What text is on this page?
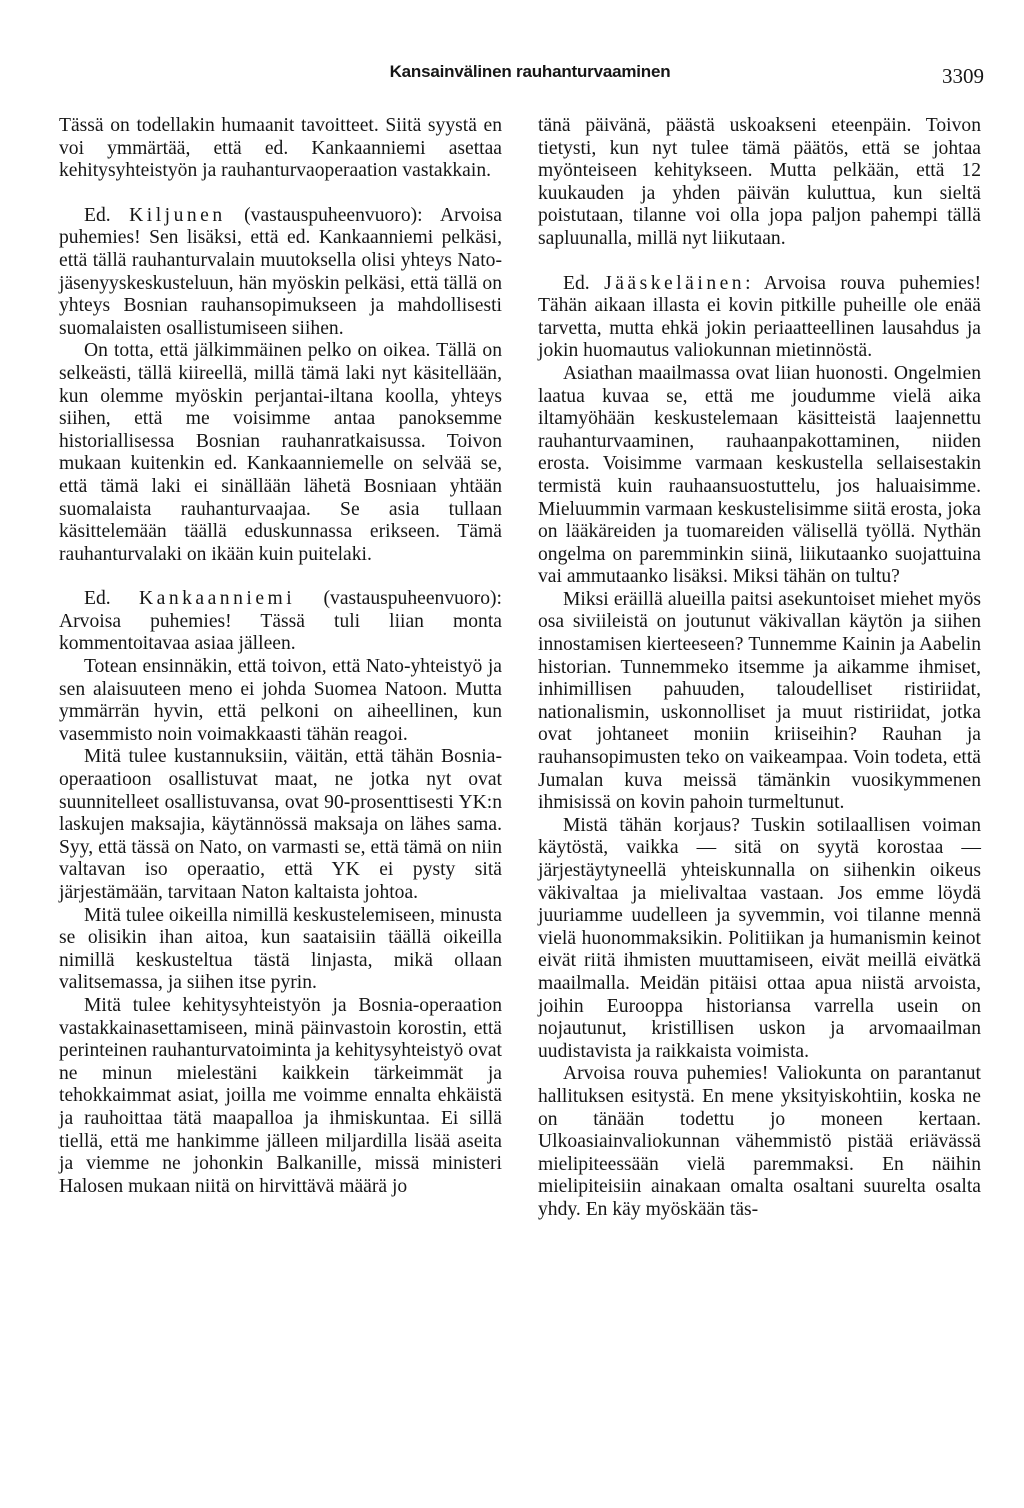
Kansainvälinen rauhanturvaaminen	3309

Tässä on todellakin humaanit tavoitteet. Siitä syystä en voi ymmärtää, että ed. Kankaanniemi asettaa kehitysyhteistyön ja rauhanturvaoperaation vastakkain.

Ed. Kiljunen (vastauspuheenvuoro): Arvoisa puhemies! Sen lisäksi, että ed. Kankaanniemi pelkäsi, että tällä rauhanturvalain muutoksella olisi yhteys Nato-jäsenyyskeskusteluun, hän myöskin pelkäsi, että tällä on yhteys Bosnian rauhansopimukseen ja mahdollisesti suomalaisten osallistumiseen siihen.

On totta, että jälkimmäinen pelko on oikea. Tällä on selkeästi, tällä kiireellä, millä tämä laki nyt käsitellään, kun olemme myöskin perjantai-iltana koolla, yhteys siihen, että me voisimme antaa panoksemme historiallisessa Bosnian rauhanratkaisussa. Toivon mukaan kuitenkin ed. Kankaanniemelle on selvää se, että tämä laki ei sinällään lähetä Bosniaan yhtään suomalaista rauhanturvaajaa. Se asia tullaan käsittelemään täällä eduskunnassa erikseen. Tämä rauhanturvalaki on ikään kuin puitelaki.

Ed. Kankaanniemi (vastauspuheenvuoro): Arvoisa puhemies! Tässä tuli liian monta kommentoitavaa asiaa jälleen.

Totean ensinnäkin, että toivon, että Nato-yhteistyö ja sen alaisuuteen meno ei johda Suomea Natoon. Mutta ymmärrän hyvin, että pelkoni on aiheellinen, kun vasemmisto noin voimakkaasti tähän reagoi.

Mitä tulee kustannuksiin, väitän, että tähän Bosnia-operaatioon osallistuvat maat, ne jotka nyt ovat suunnitelleet osallistuvansa, ovat 90-prosenttisesti YK:n laskujen maksajia, käytännössä maksaja on lähes sama. Syy, että tässä on Nato, on varmasti se, että tämä on niin valtavan iso operaatio, että YK ei pysty sitä järjestämään, tarvitaan Naton kaltaista johtoa.

Mitä tulee oikeilla nimillä keskustelemiseen, minusta se olisikin ihan aitoa, kun saataisiin täällä oikeilla nimillä keskusteltua tästä linjasta, mikä ollaan valitsemassa, ja siihen itse pyrin.

Mitä tulee kehitysyhteistyön ja Bosnia-operaation vastakkainasettamiseen, minä päinvastoin korostin, että perinteinen rauhanturvatoiminta ja kehitysyhteistyö ovat ne minun mielestäni kaikkein tärkeimmät ja tehokkaimmat asiat, joilla me voimme ennalta ehkäistä ja rauhoittaa tätä maapalloa ja ihmiskuntaa. Ei sillä tiellä, että me hankimme jälleen miljardilla lisää aseita ja viemme ne johonkin Balkanille, missä ministeri Halosen mukaan niitä on hirvittävä määrä jo

tänä päivänä, päästä uskoakseni eteenpäin. Toivon tietysti, kun nyt tulee tämä päätös, että se johtaa myönteiseen kehitykseen. Mutta pelkään, että 12 kuukauden ja yhden päivän kuluttua, kun sieltä poistutaan, tilanne voi olla jopa paljon pahempi tällä sapluunalla, millä nyt liikutaan.

Ed. Jääskeläinen: Arvoisa rouva puhemies! Tähän aikaan illasta ei kovin pitkille puheille ole enää tarvetta, mutta ehkä jokin periaatteellinen lausahdus ja jokin huomautus valiokunnan mietinnöstä.

Asiathan maailmassa ovat liian huonosti. Ongelmien laatua kuvaa se, että me joudumme vielä aika iltamyöhään keskustelemaan käsitteistä laajennettu rauhanturvaaminen, rauhaanpakottaminen, niiden erosta. Voisimme varmaan keskustella sellaisestakin termistä kuin rauhaansuostuttelu, jos haluaisimme. Mieluummin varmaan keskustelisimme siitä erosta, joka on lääkäreiden ja tuomareiden välisellä työllä. Nythän ongelma on paremminkin siinä, liikutaanko suojattuina vai ammutaanko lisäksi. Miksi tähän on tultu?

Miksi eräillä alueilla paitsi asekuntoiset miehet myös osa siviileistä on joutunut väkivallan käytön ja siihen innostamisen kierteeseen? Tunnemme Kainin ja Aabelin historian. Tunnemmeko itsemme ja aikamme ihmiset, inhimillisen pahuuden, taloudelliset ristiriidat, nationalismin, uskonnolliset ja muut ristiriidat, jotka ovat johtaneet moniin kriiseihin? Rauhan ja rauhansopimusten teko on vaikeampaa. Voin todeta, että Jumalan kuva meissä tämänkin vuosikymmenen ihmisissä on kovin pahoin turmeltunut.

Mistä tähän korjaus? Tuskin sotilaallisen voiman käytöstä, vaikka — sitä on syytä korostaa — järjestäytyneellä yhteiskunnalla on siihenkin oikeus väkivaltaa ja mielivaltaa vastaan. Jos emme löydä juuriamme uudelleen ja syvemmin, voi tilanne mennä vielä huonommaksikin. Politiikan ja humanismin keinot eivät riitä ihmisten muuttamiseen, eivät meillä eivätkä maailmalla. Meidän pitäisi ottaa apua niistä arvoista, joihin Eurooppa historiansa varrella usein on nojautunut, kristillisen uskon ja arvomaailman uudistavista ja raikkaista voimista.

Arvoisa rouva puhemies! Valiokunta on parantanut hallituksen esitystä. En mene yksityiskohtiin, koska ne on tänään todettu jo moneen kertaan. Ulkoasiainvaliokunnan vähemmistö pistää eriävässä mielipiteessään vielä paremmaksi. En näihin mielipiteisiin ainakaan omalta osaltani suurelta osalta yhdy. En käy myöskään täs-
